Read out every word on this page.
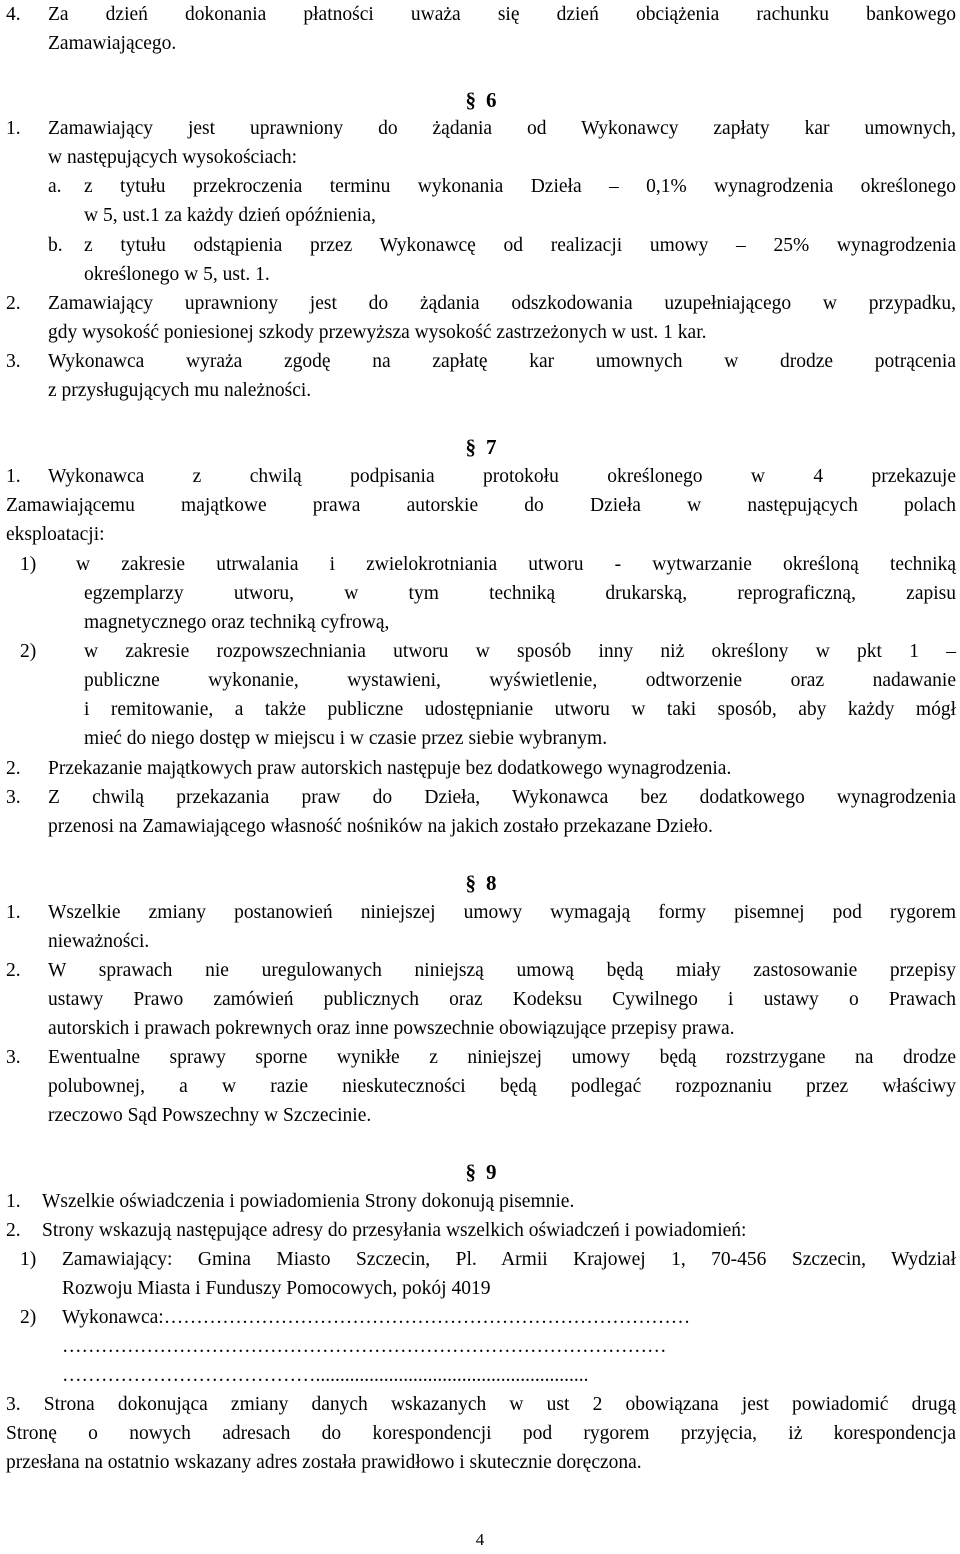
4. Za dzień dokonania płatności uważa się dzień obciążenia rachunku bankowego
Zamawiającego.
§ 6
1. Zamawiający jest uprawniony do żądania od Wykonawcy zapłaty kar umownych,
w następujących wysokościach:
a. z tytułu przekroczenia terminu wykonania Dzieła – 0,1% wynagrodzenia określonego
w 5, ust.1 za każdy dzień opóźnienia,
b. z tytułu odstąpienia przez Wykonawcę od realizacji umowy – 25% wynagrodzenia
określonego w 5, ust. 1.
2. Zamawiający uprawniony jest do żądania odszkodowania uzupełniającego w przypadku,
gdy wysokość poniesionej szkody przewyższa wysokość zastrzeżonych w ust. 1 kar.
3. Wykonawca wyraża zgodę na zapłatę kar umownych w drodze potrącenia
z przysługujących mu należności.
§ 7
1. Wykonawca z chwilą podpisania protokołu określonego w 4 przekazuje
Zamawiającemu majątkowe prawa autorskie do Dzieła w następujących polach
eksploatacji:
1) w zakresie utrwalania i zwielokrotniania utworu - wytwarzanie określoną techniką
egzemplarzy utworu, w tym techniką drukarską, reprograficzną, zapisu
magnetycznego oraz techniką cyfrową,
2) w zakresie rozpowszechniania utworu w sposób inny niż określony w pkt 1 –
publiczne wykonanie, wystawieni, wyświetlenie, odtworzenie oraz nadawanie
i remitowanie, a także publiczne udostępnianie utworu w taki sposób, aby każdy mógł
mieć do niego dostęp w miejscu i w czasie przez siebie wybranym.
2. Przekazanie majątkowych praw autorskich następuje bez dodatkowego wynagrodzenia.
3. Z chwilą przekazania praw do Dzieła, Wykonawca bez dodatkowego wynagrodzenia
przenosi na Zamawiającego własność nośników na jakich zostało przekazane Dzieło.
§ 8
1. Wszelkie zmiany postanowień niniejszej umowy wymagają formy pisemnej pod rygorem
nieważności.
2. W sprawach nie uregulowanych niniejszą umową będą miały zastosowanie przepisy
ustawy Prawo zamówień publicznych oraz Kodeksu Cywilnego i ustawy o Prawach
autorskich i prawach pokrewnych oraz inne powszechnie obowiązujące przepisy prawa.
3. Ewentualne sprawy sporne wynikłe z niniejszej umowy będą rozstrzygane na drodze
polubownej, a w razie nieskuteczności będą podlegać rozpoznaniu przez właściwy
rzeczowo Sąd Powszechny w Szczecinie.
§ 9
1. Wszelkie oświadczenia i powiadomienia Strony dokonują pisemnie.
2. Strony wskazują następujące adresy do przesyłania wszelkich oświadczeń i powiadomień:
1) Zamawiający: Gmina Miasto Szczecin, Pl. Armii Krajowej 1, 70-456 Szczecin, Wydział
Rozwoju Miasta i Funduszy Pomocowych, pokój 4019
2) Wykonawca:………………………………………………………………………
…………………………………………………………………………………
…………………………………........................................................
3. Strona dokonująca zmiany danych wskazanych w ust 2 obowiązana jest powiadomić drugą
Stronę o nowych adresach do korespondencji pod rygorem przyjęcia, iż korespondencja
przesłana na ostatnio wskazany adres została prawidłowo i skutecznie doręczona.
4
